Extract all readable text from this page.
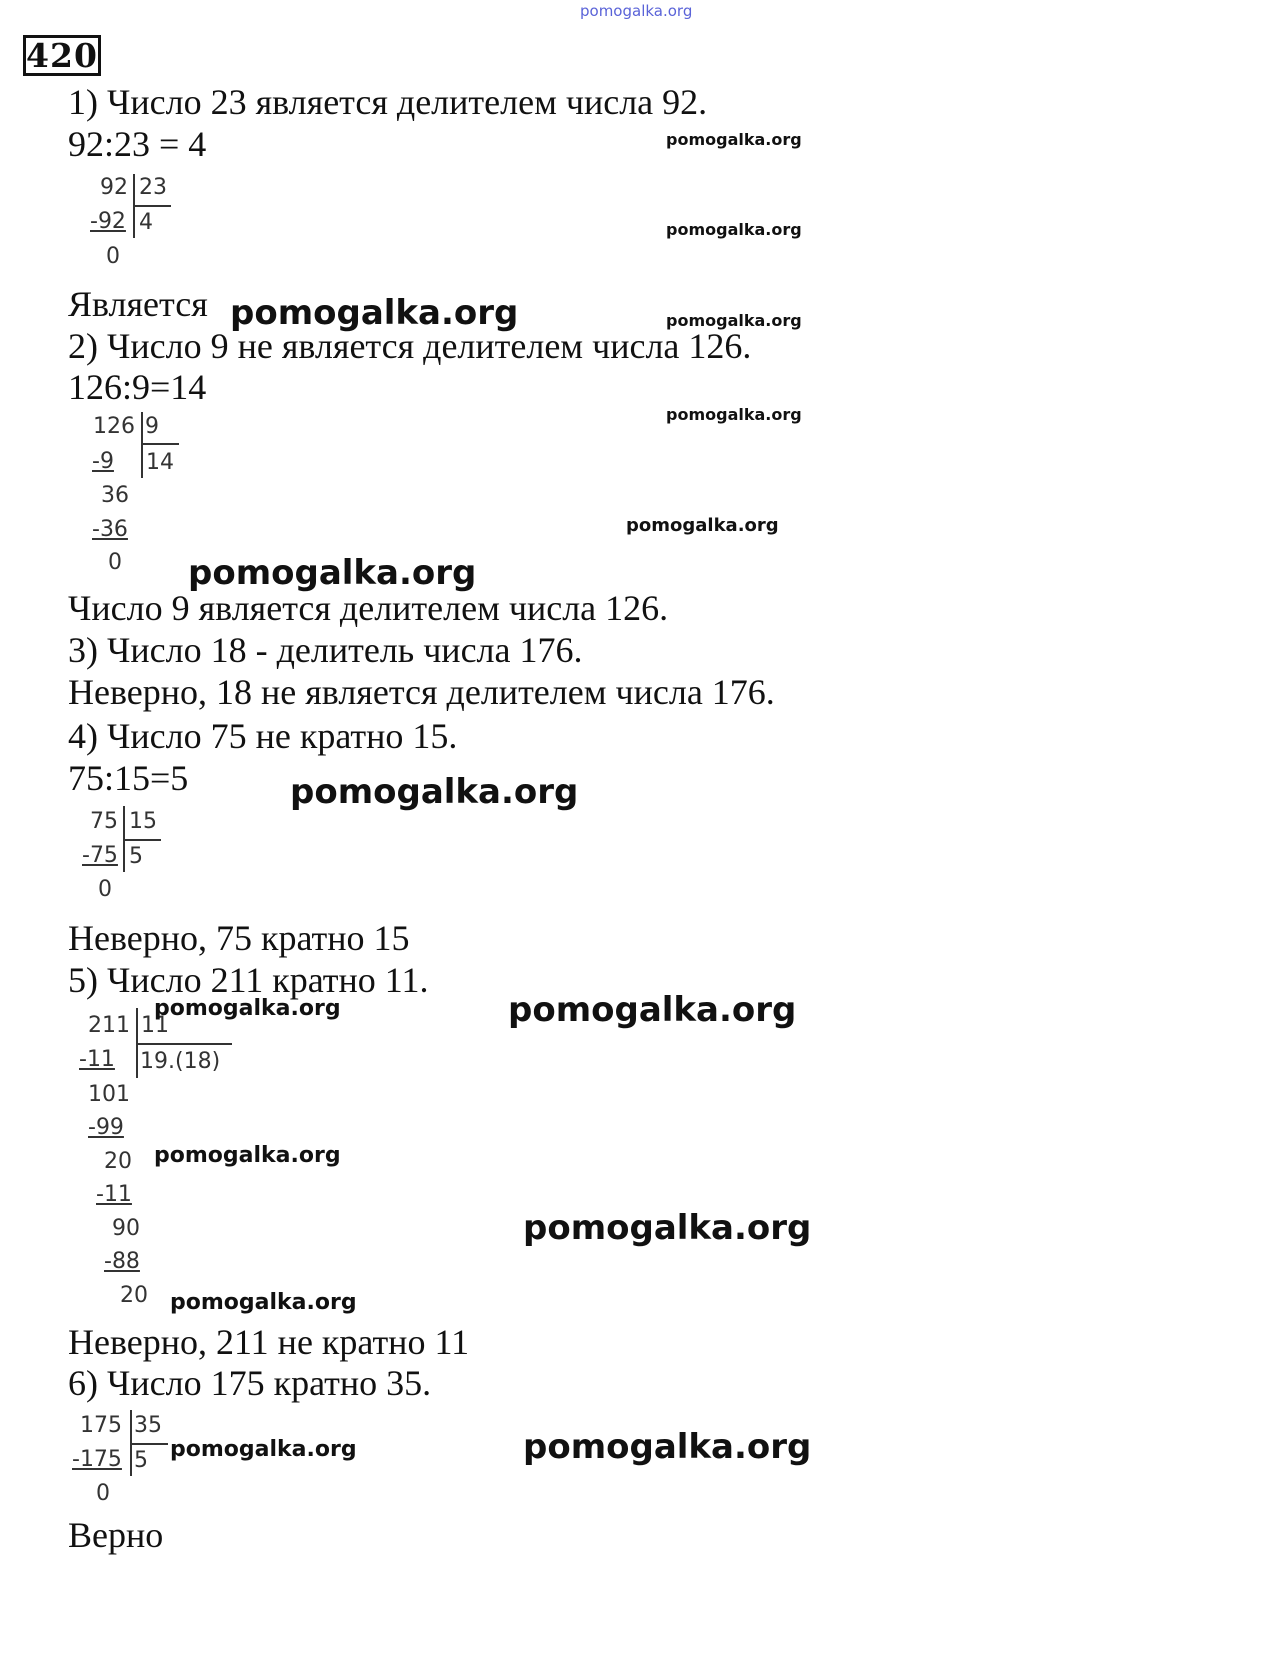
pomogalka.org
420
1) Число 23 является делителем числа 92.
92:23 = 4
Является
2) Число 9 не является делителем числа 126.
126:9=14
Число 9 является делителем числа 126.
3) Число 18 - делитель числа 176.
Неверно, 18 не является делителем числа 176.
4) Число 75 не кратно 15.
75:15=5
Неверно, 75 кратно 15
5) Число 211 кратно 11.
Неверно, 211 не кратно 11
6) Число 175 кратно 35.
Верно
92 23
-92 4
0
126 9
-9 14
36
-36
0
75 15
-75 5
0
211 11
-11 19.(18)
101
-99
20
-11
90
-88
20
175 35
-175 5
0
pomogalka.org
pomogalka.org
pomogalka.org
pomogalka.org
pomogalka.org
pomogalka.org
pomogalka.org
pomogalka.org
pomogalka.org
pomogalka.org
pomogalka.org
pomogalka.org
pomogalka.org
pomogalka.org	pomogalka.org
